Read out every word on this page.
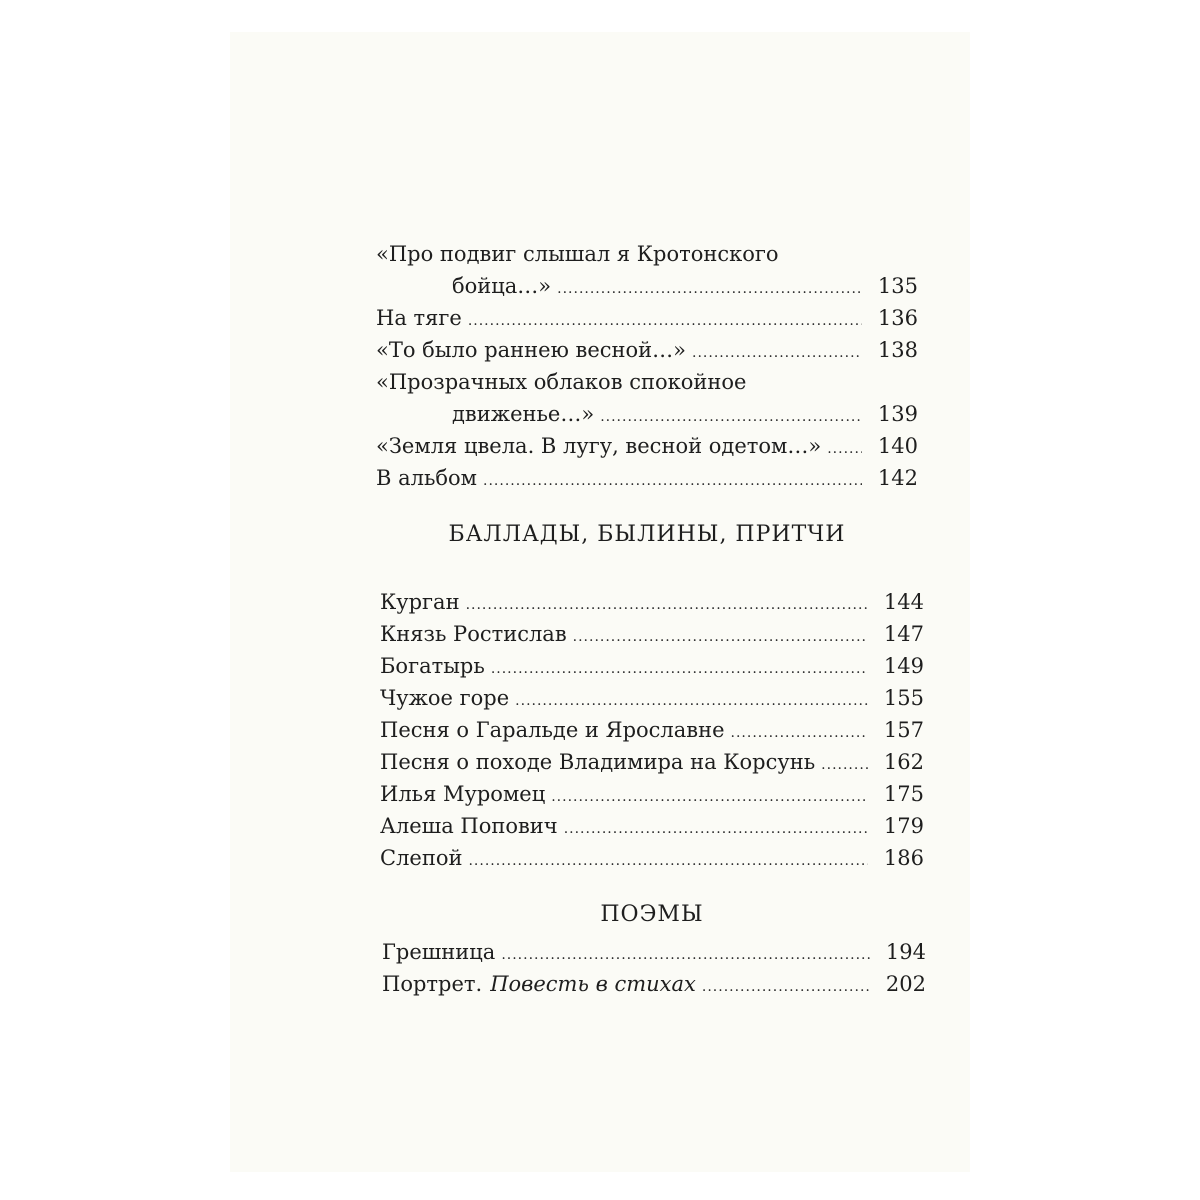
«Про подвиг слышал я Кротонского
бойца…» .....	135
На тяге .....	136
«То было раннею весной…» .....	138
«Прозрачных облаков спокойное
движенье…» .....	139
«Земля цвела. В лугу, весной одетом…» .....	140
В альбом .....	142
БАЛЛАДЫ, БЫЛИНЫ, ПРИТЧИ
Курган .....	144
Князь Ростислав .....	147
Богатырь .....	149
Чужое горе .....	155
Песня о Гаральде и Ярославне .....	157
Песня о походе Владимира на Корсунь .....	162
Илья Муромец .....	175
Алеша Попович .....	179
Слепой .....	186
ПОЭМЫ
Грешница .....	194
Портрет. Повесть в стихах .....	202
